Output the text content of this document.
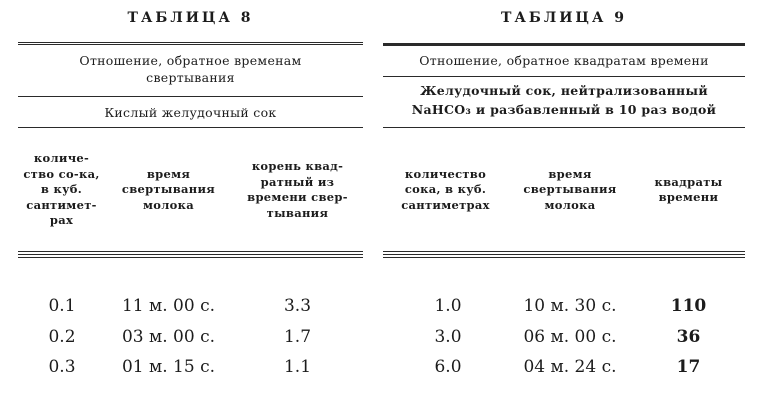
ТАБЛИЦА 8
Отношение, обратное временам свертывания
Кислый желудочный сок
количе-ство со-ка, в куб. сантимет-рах
время свертывания молока
корень квад-ратный из времени свер-тывания
0.1	11 м. 00 с.	3.3
0.2	03 м. 00 с.	1.7
0.3	01 м. 15 с.	1.1
ТАБЛИЦА 9
Отношение, обратное квадратам времени
Желудочный сок, нейтрализованный
NaHCO₃ и разбавленный в 10 раз водой
количество сока, в куб. сантиметрах
время свертывания молока
квадраты времени
1.0	10 м. 30 с.	110
3.0	06 м. 00 с.	36
6.0	04 м. 24 с.	17
